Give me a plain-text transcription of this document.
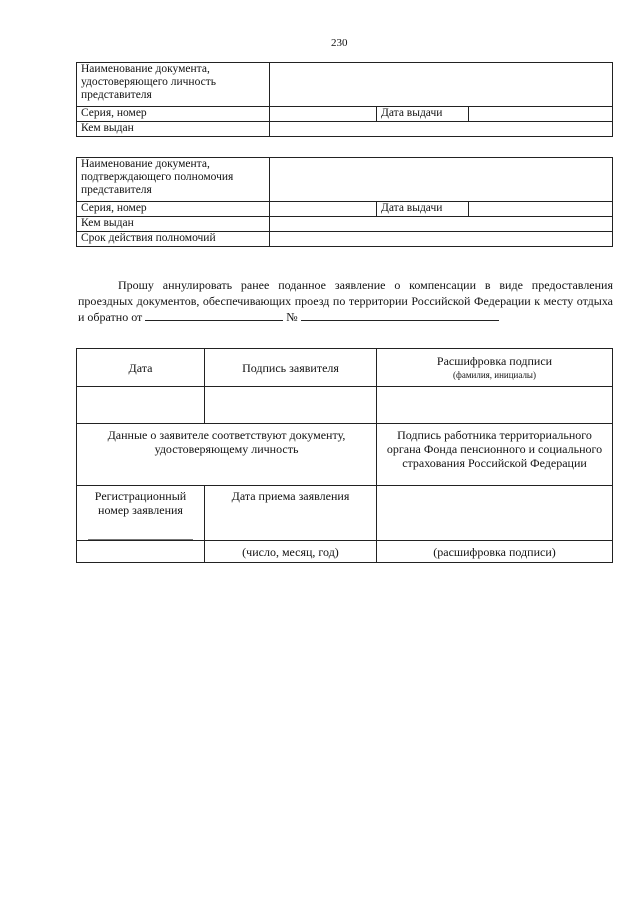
230
Наименование документа, удостоверяющего личность представителя			
Серия, номер		Дата выдачи	
Кем выдан			
Наименование документа, подтверждающего полномочия представителя			
Серия, номер		Дата выдачи	
Кем выдан			
Срок действия полномочий			
Прошу аннулировать ранее поданное заявление о компенсации в виде предоставления проездных документов, обеспечивающих проезд по территории Российской Федерации к месту отдыха и обратно от	№
Дата	Подпись заявителя	Расшифровка подписи
(фамилия, инициалы)

Данные о заявителе соответствуют документу, удостоверяющему личность		Подпись работника территориального органа Фонда пенсионного и социального страхования Российской Федерации

Регистрационный номер заявления	Дата приема заявления	
	(число, месяц, год)	(расшифровка подписи)
